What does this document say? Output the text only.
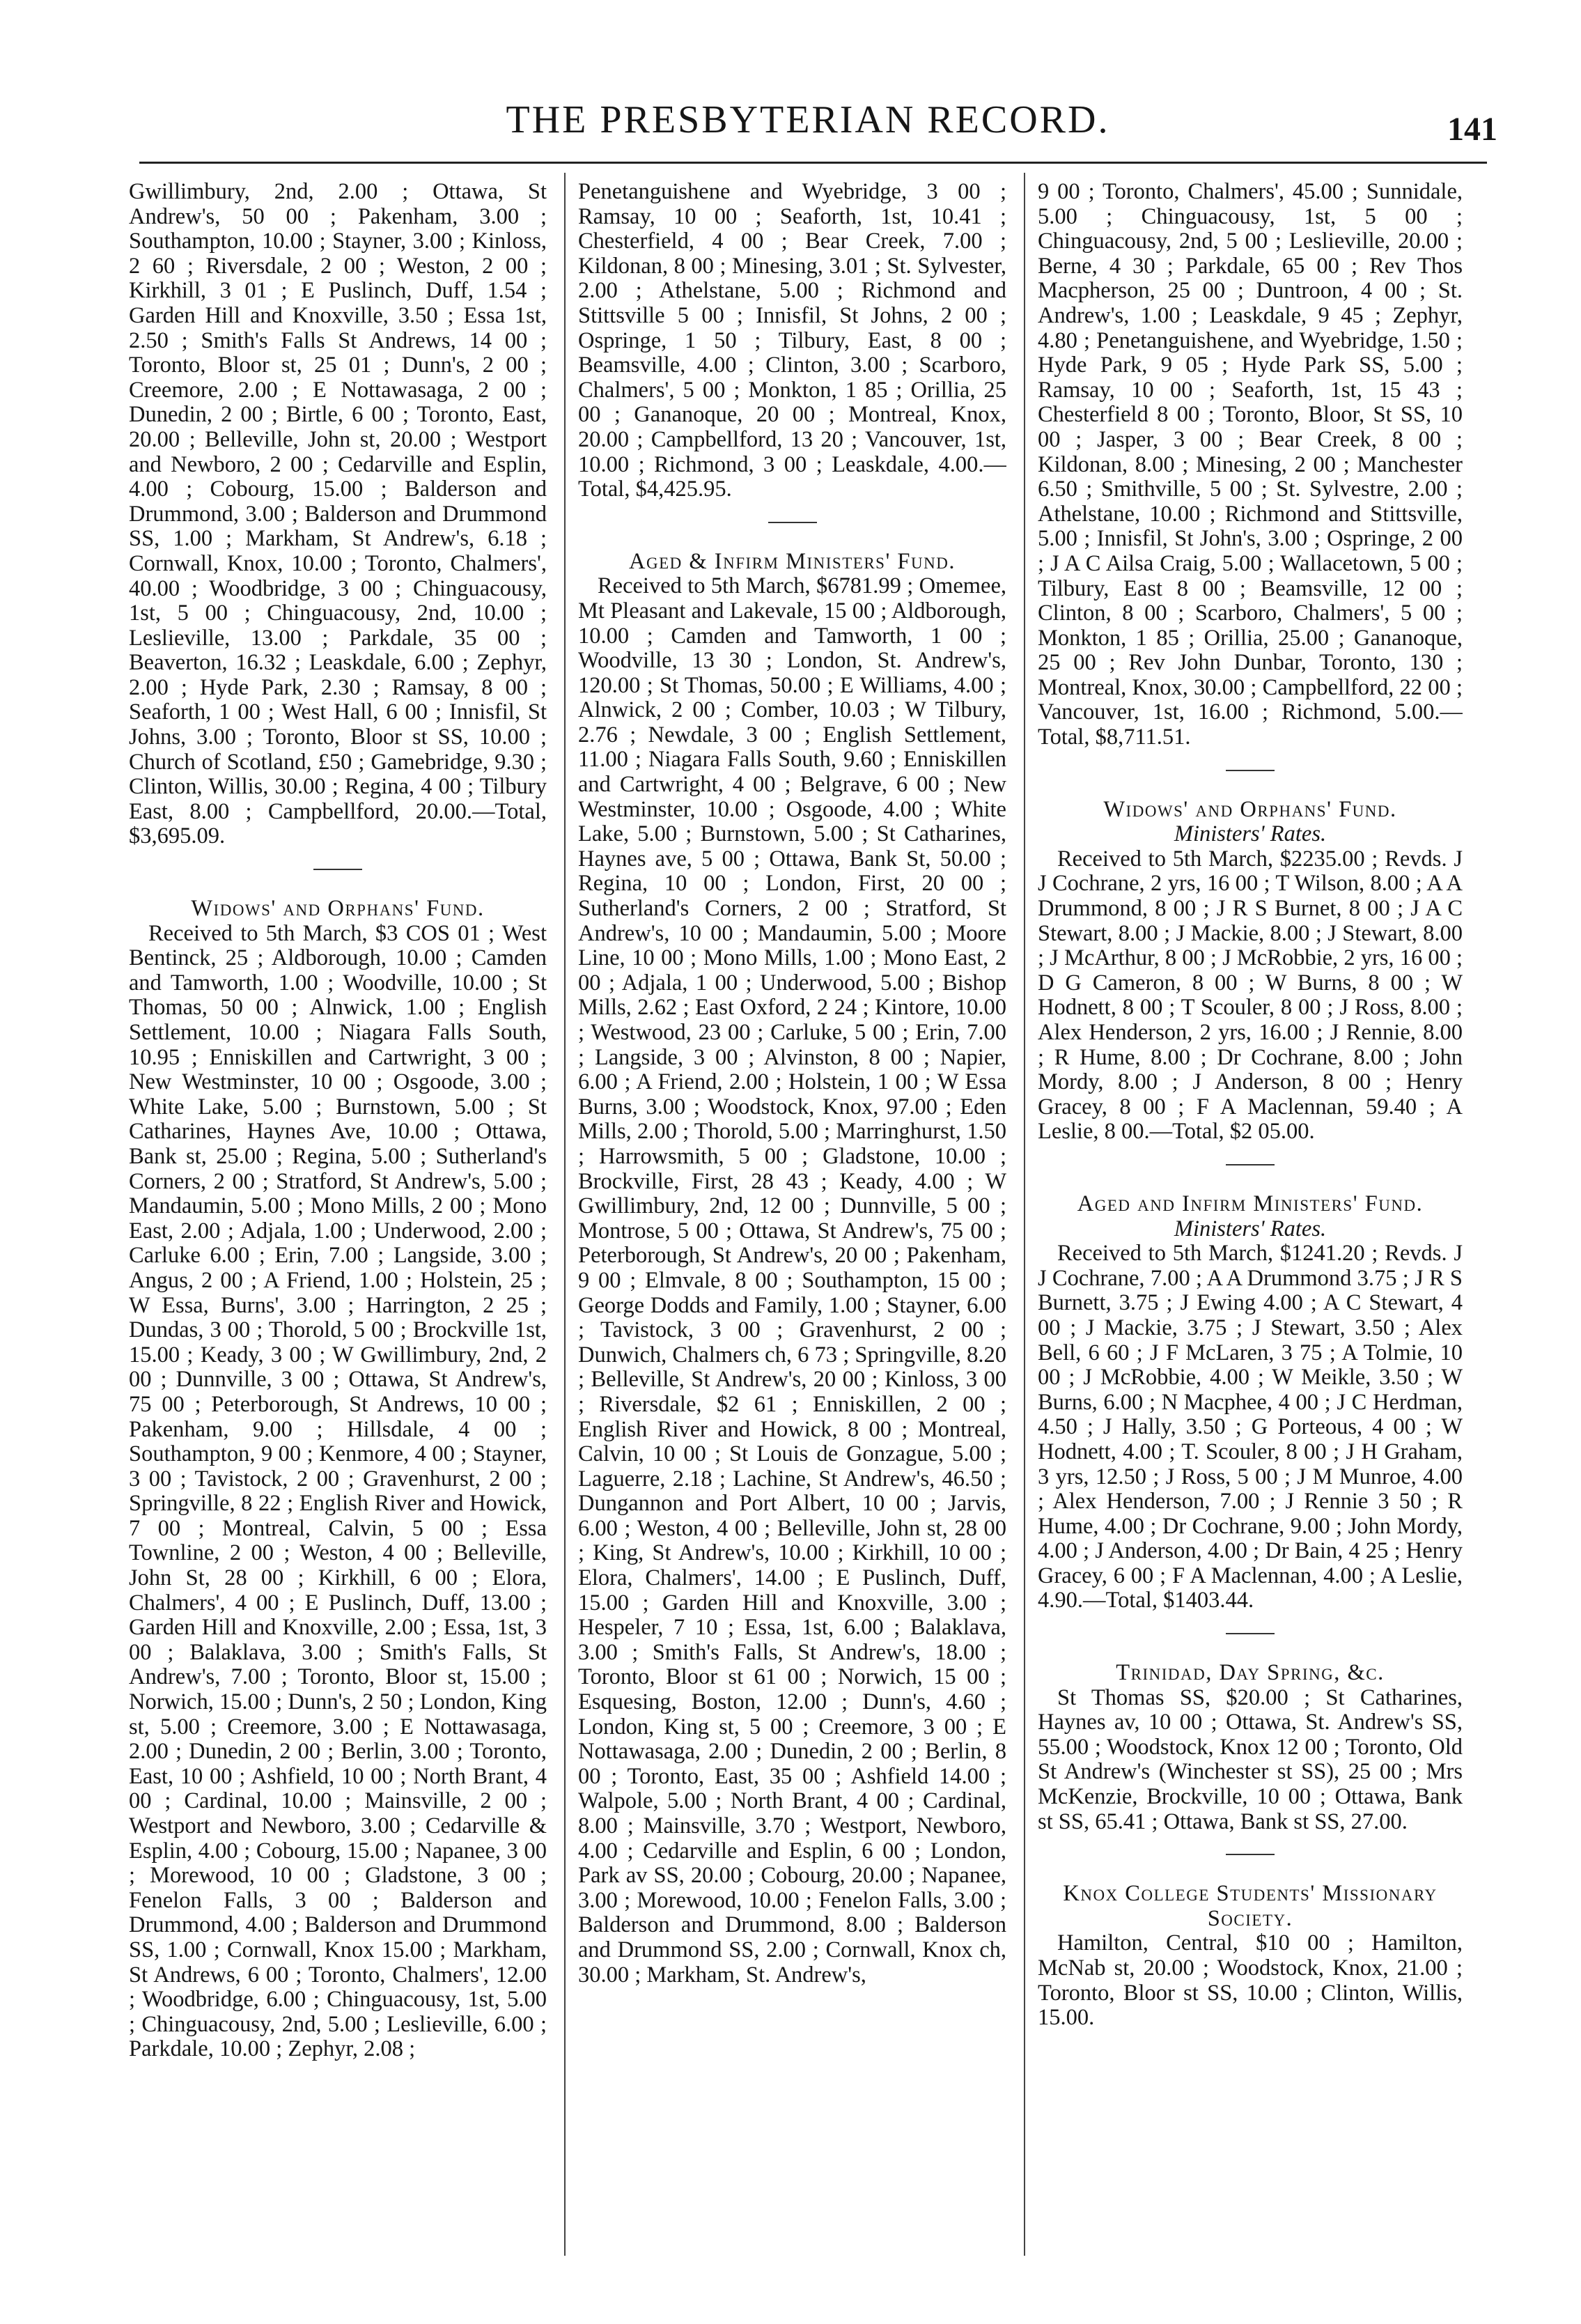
THE PRESBYTERIAN RECORD.	141

Gwillimbury, 2nd, 2.00 ; Ottawa, St Andrew's, 50 00 ; Pakenham, 3.00 ; Southampton, 10.00 ; Stayner, 3.00 ; Kinloss, 2 60 ; Riversdale, 2 00 ; Weston, 2 00 ; Kirkhill, 3 01 ; E Puslinch, Duff, 1.54 ; Garden Hill and Knoxville, 3.50 ; Essa 1st, 2.50 ; Smith's Falls St Andrews, 14 00 ; Toronto, Bloor st, 25 01 ; Dunn's, 2 00 ; Creemore, 2.00 ; E Nottawasaga, 2 00 ; Dunedin, 2 00 ; Birtle, 6 00 ; Toronto, East, 20.00 ; Belleville, John st, 20.00 ; Westport and Newboro, 2 00 ; Cedarville and Esplin, 4.00 ; Cobourg, 15.00 ; Balderson and Drummond, 3.00 ; Balderson and Drummond SS, 1.00 ; Markham, St Andrew's, 6.18 ; Cornwall, Knox, 10.00 ; Toronto, Chalmers', 40.00 ; Woodbridge, 3 00 ; Chinguacousy, 1st, 5 00 ; Chinguacousy, 2nd, 10.00 ; Leslieville, 13.00 ; Parkdale, 35 00 ; Beaverton, 16.32 ; Leaskdale, 6.00 ; Zephyr, 2.00 ; Hyde Park, 2.30 ; Ramsay, 8 00 ; Seaforth, 1 00 ; West Hall, 6 00 ; Innisfil, St Johns, 3.00 ; Toronto, Bloor st SS, 10.00 ; Church of Scotland, £50 ; Gamebridge, 9.30 ; Clinton, Willis, 30.00 ; Regina, 4 00 ; Tilbury East, 8.00 ; Campbellford, 20.00.—Total, $3,695.09.

Widows' and Orphans' Fund.

Received to 5th March, $3 COS 01 ; West Bentinck, 25 ; Aldborough, 10.00 ; Camden and Tamworth, 1.00 ; Woodville, 10.00 ; St Thomas, 50 00 ; Alnwick, 1.00 ; English Settlement, 10.00 ; Niagara Falls South, 10.95 ; Enniskillen and Cartwright, 3 00 ; New Westminster, 10 00 ; Osgoode, 3.00 ; White Lake, 5.00 ; Burnstown, 5.00 ; St Catharines, Haynes Ave, 10.00 ; Ottawa, Bank st, 25.00 ; Regina, 5.00 ; Sutherland's Corners, 2 00 ; Stratford, St Andrew's, 5.00 ; Mandaumin, 5.00 ; Mono Mills, 2 00 ; Mono East, 2.00 ; Adjala, 1.00 ; Underwood, 2.00 ; Carluke 6.00 ; Erin, 7.00 ; Langside, 3.00 ; Angus, 2 00 ; A Friend, 1.00 ; Holstein, 25 ; W Essa, Burns', 3.00 ; Harrington, 2 25 ; Dundas, 3 00 ; Thorold, 5 00 ; Brockville 1st, 15.00 ; Keady, 3 00 ; W Gwillimbury, 2nd, 2 00 ; Dunnville, 3 00 ; Ottawa, St Andrew's, 75 00 ; Peterborough, St Andrews, 10 00 ; Pakenham, 9.00 ; Hillsdale, 4 00 ; Southampton, 9 00 ; Kenmore, 4 00 ; Stayner, 3 00 ; Tavistock, 2 00 ; Gravenhurst, 2 00 ; Springville, 8 22 ; English River and Howick, 7 00 ; Montreal, Calvin, 5 00 ; Essa Townline, 2 00 ; Weston, 4 00 ; Belleville, John St, 28 00 ; Kirkhill, 6 00 ; Elora, Chalmers', 4 00 ; E Puslinch, Duff, 13.00 ; Garden Hill and Knoxville, 2.00 ; Essa, 1st, 3 00 ; Balaklava, 3.00 ; Smith's Falls, St Andrew's, 7.00 ; Toronto, Bloor st, 15.00 ; Norwich, 15.00 ; Dunn's, 2 50 ; London, King st, 5.00 ; Creemore, 3.00 ; E Nottawasaga, 2.00 ; Dunedin, 2 00 ; Berlin, 3.00 ; Toronto, East, 10 00 ; Ashfield, 10 00 ; North Brant, 4 00 ; Cardinal, 10.00 ; Mainsville, 2 00 ; Westport and Newboro, 3.00 ; Cedarville & Esplin, 4.00 ; Cobourg, 15.00 ; Napanee, 3 00 ; Morewood, 10 00 ; Gladstone, 3 00 ; Fenelon Falls, 3 00 ; Balderson and Drummond, 4.00 ; Balderson and Drummond SS, 1.00 ; Cornwall, Knox 15.00 ; Markham, St Andrews, 6 00 ; Toronto, Chalmers', 12.00 ; Woodbridge, 6.00 ; Chinguacousy, 1st, 5.00 ; Chinguacousy, 2nd, 5.00 ; Leslieville, 6.00 ; Parkdale, 10.00 ; Zephyr, 2.08 ;

Penetanguishene and Wyebridge, 3 00 ; Ramsay, 10 00 ; Seaforth, 1st, 10.41 ; Chesterfield, 4 00 ; Bear Creek, 7.00 ; Kildonan, 8 00 ; Minesing, 3.01 ; St. Sylvester, 2.00 ; Athelstane, 5.00 ; Richmond and Stittsville 5 00 ; Innisfil, St Johns, 2 00 ; Ospringe, 1 50 ; Tilbury, East, 8 00 ; Beamsville, 4.00 ; Clinton, 3.00 ; Scarboro, Chalmers', 5 00 ; Monkton, 1 85 ; Orillia, 25 00 ; Gananoque, 20 00 ; Montreal, Knox, 20.00 ; Campbellford, 13 20 ; Vancouver, 1st, 10.00 ; Richmond, 3 00 ; Leaskdale, 4.00.—Total, $4,425.95.

Aged & Infirm Ministers' Fund.

Received to 5th March, $6781.99 ; Omemee, Mt Pleasant and Lakevale, 15 00 ; Aldborough, 10.00 ; Camden and Tamworth, 1 00 ; Woodville, 13 30 ; London, St. Andrew's, 120.00 ; St Thomas, 50.00 ; E Williams, 4.00 ; Alnwick, 2 00 ; Comber, 10.03 ; W Tilbury, 2.76 ; Newdale, 3 00 ; English Settlement, 11.00 ; Niagara Falls South, 9.60 ; Enniskillen and Cartwright, 4 00 ; Belgrave, 6 00 ; New Westminster, 10.00 ; Osgoode, 4.00 ; White Lake, 5.00 ; Burnstown, 5.00 ; St Catharines, Haynes ave, 5 00 ; Ottawa, Bank St, 50.00 ; Regina, 10 00 ; London, First, 20 00 ; Sutherland's Corners, 2 00 ; Stratford, St Andrew's, 10 00 ; Mandaumin, 5.00 ; Moore Line, 10 00 ; Mono Mills, 1.00 ; Mono East, 2 00 ; Adjala, 1 00 ; Underwood, 5.00 ; Bishop Mills, 2.62 ; East Oxford, 2 24 ; Kintore, 10.00 ; Westwood, 23 00 ; Carluke, 5 00 ; Erin, 7.00 ; Langside, 3 00 ; Alvinston, 8 00 ; Napier, 6.00 ; A Friend, 2.00 ; Holstein, 1 00 ; W Essa Burns, 3.00 ; Woodstock, Knox, 97.00 ; Eden Mills, 2.00 ; Thorold, 5.00 ; Marringhurst, 1.50 ; Harrowsmith, 5 00 ; Gladstone, 10.00 ; Brockville, First, 28 43 ; Keady, 4.00 ; W Gwillimbury, 2nd, 12 00 ; Dunnville, 5 00 ; Montrose, 5 00 ; Ottawa, St Andrew's, 75 00 ; Peterborough, St Andrew's, 20 00 ; Pakenham, 9 00 ; Elmvale, 8 00 ; Southampton, 15 00 ; George Dodds and Family, 1.00 ; Stayner, 6.00 ; Tavistock, 3 00 ; Gravenhurst, 2 00 ; Dunwich, Chalmers ch, 6 73 ; Springville, 8.20 ; Belleville, St Andrew's, 20 00 ; Kinloss, 3 00 ; Riversdale, $2 61 ; Enniskillen, 2 00 ; English River and Howick, 8 00 ; Montreal, Calvin, 10 00 ; St Louis de Gonzague, 5.00 ; Laguerre, 2.18 ; Lachine, St Andrew's, 46.50 ; Dungannon and Port Albert, 10 00 ; Jarvis, 6.00 ; Weston, 4 00 ; Belleville, John st, 28 00 ; King, St Andrew's, 10.00 ; Kirkhill, 10 00 ; Elora, Chalmers', 14.00 ; E Puslinch, Duff, 15.00 ; Garden Hill and Knoxville, 3.00 ; Hespeler, 7 10 ; Essa, 1st, 6.00 ; Balaklava, 3.00 ; Smith's Falls, St Andrew's, 18.00 ; Toronto, Bloor st 61 00 ; Norwich, 15 00 ; Esquesing, Boston, 12.00 ; Dunn's, 4.60 ; London, King st, 5 00 ; Creemore, 3 00 ; E Nottawasaga, 2.00 ; Dunedin, 2 00 ; Berlin, 8 00 ; Toronto, East, 35 00 ; Ashfield 14.00 ; Walpole, 5.00 ; North Brant, 4 00 ; Cardinal, 8.00 ; Mainsville, 3.70 ; Westport, Newboro, 4.00 ; Cedarville and Esplin, 6 00 ; London, Park av SS, 20.00 ; Cobourg, 20.00 ; Napanee, 3.00 ; Morewood, 10.00 ; Fenelon Falls, 3.00 ; Balderson and Drummond, 8.00 ; Balderson and Drummond SS, 2.00 ; Cornwall, Knox ch, 30.00 ; Markham, St. Andrew's,

9 00 ; Toronto, Chalmers', 45.00 ; Sunnidale, 5.00 ; Chinguacousy, 1st, 5 00 ; Chinguacousy, 2nd, 5 00 ; Leslieville, 20.00 ; Berne, 4 30 ; Parkdale, 65 00 ; Rev Thos Macpherson, 25 00 ; Duntroon, 4 00 ; St. Andrew's, 1.00 ; Leaskdale, 9 45 ; Zephyr, 4.80 ; Penetanguishene, and Wyebridge, 1.50 ; Hyde Park, 9 05 ; Hyde Park SS, 5.00 ; Ramsay, 10 00 ; Seaforth, 1st, 15 43 ; Chesterfield 8 00 ; Toronto, Bloor, St SS, 10 00 ; Jasper, 3 00 ; Bear Creek, 8 00 ; Kildonan, 8.00 ; Minesing, 2 00 ; Manchester 6.50 ; Smithville, 5 00 ; St. Sylvestre, 2.00 ; Athelstane, 10.00 ; Richmond and Stittsville, 5.00 ; Innisfil, St John's, 3.00 ; Ospringe, 2 00 ; J A C Ailsa Craig, 5.00 ; Wallacetown, 5 00 ; Tilbury, East 8 00 ; Beamsville, 12 00 ; Clinton, 8 00 ; Scarboro, Chalmers', 5 00 ; Monkton, 1 85 ; Orillia, 25.00 ; Gananoque, 25 00 ; Rev John Dunbar, Toronto, 130 ; Montreal, Knox, 30.00 ; Campbellford, 22 00 ; Vancouver, 1st, 16.00 ; Richmond, 5.00.—Total, $8,711.51.

Widows' and Orphans' Fund.

Ministers' Rates.

Received to 5th March, $2235.00 ; Revds. J J Cochrane, 2 yrs, 16 00 ; T Wilson, 8.00 ; A A Drummond, 8 00 ; J R S Burnet, 8 00 ; J A C Stewart, 8.00 ; J Mackie, 8.00 ; J Stewart, 8.00 ; J McArthur, 8 00 ; J McRobbie, 2 yrs, 16 00 ; D G Cameron, 8 00 ; W Burns, 8 00 ; W Hodnett, 8 00 ; T Scouler, 8 00 ; J Ross, 8.00 ; Alex Henderson, 2 yrs, 16.00 ; J Rennie, 8.00 ; R Hume, 8.00 ; Dr Cochrane, 8.00 ; John Mordy, 8.00 ; J Anderson, 8 00 ; Henry Gracey, 8 00 ; F A Maclennan, 59.40 ; A Leslie, 8 00.—Total, $2 05.00.

Aged and Infirm Ministers' Fund.

Ministers' Rates.

Received to 5th March, $1241.20 ; Revds. J J Cochrane, 7.00 ; A A Drummond 3.75 ; J R S Burnett, 3.75 ; J Ewing 4.00 ; A C Stewart, 4 00 ; J Mackie, 3.75 ; J Stewart, 3.50 ; Alex Bell, 6 60 ; J F McLaren, 3 75 ; A Tolmie, 10 00 ; J McRobbie, 4.00 ; W Meikle, 3.50 ; W Burns, 6.00 ; N Macphee, 4 00 ; J C Herdman, 4.50 ; J Hally, 3.50 ; G Porteous, 4 00 ; W Hodnett, 4.00 ; T. Scouler, 8 00 ; J H Graham, 3 yrs, 12.50 ; J Ross, 5 00 ; J M Munroe, 4.00 ; Alex Henderson, 7.00 ; J Rennie 3 50 ; R Hume, 4.00 ; Dr Cochrane, 9.00 ; John Mordy, 4.00 ; J Anderson, 4.00 ; Dr Bain, 4 25 ; Henry Gracey, 6 00 ; F A Maclennan, 4.00 ; A Leslie, 4.90.—Total, $1403.44.

Trinidad, Day Spring, &c.

St Thomas SS, $20.00 ; St Catharines, Haynes av, 10 00 ; Ottawa, St. Andrew's SS, 55.00 ; Woodstock, Knox 12 00 ; Toronto, Old St Andrew's (Winchester st SS), 25 00 ; Mrs McKenzie, Brockville, 10 00 ; Ottawa, Bank st SS, 65.41 ; Ottawa, Bank st SS, 27.00.

Knox College Students' Missionary Society.

Hamilton, Central, $10 00 ; Hamilton, McNab st, 20.00 ; Woodstock, Knox, 21.00 ; Toronto, Bloor st SS, 10.00 ; Clinton, Willis, 15.00.
